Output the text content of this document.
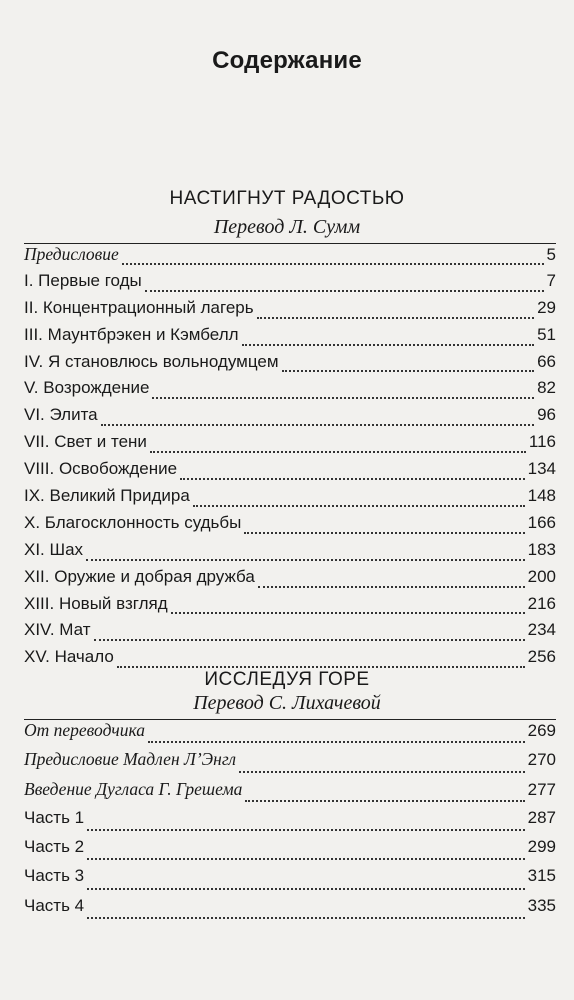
Содержание
НАСТИГНУТ РАДОСТЬЮ
Перевод Л. Сумм
Предисловие	5
I. Первые годы	7
II. Концентрационный лагерь	29
III. Маунтбрэкен и Кэмбелл	51
IV. Я становлюсь вольнодумцем	66
V. Возрождение	82
VI. Элита	96
VII. Свет и тени	116
VIII. Освобождение	134
IX. Великий Придира	148
X. Благосклонность судьбы	166
XI. Шах	183
XII. Оружие и добрая дружба	200
XIII. Новый взгляд	216
XIV. Мат	234
XV. Начало	256
ИССЛЕДУЯ ГОРЕ
Перевод С. Лихачевой
От переводчика	269
Предисловие Мадлен Л’Энгл	270
Введение Дугласа Г. Грешема	277
Часть 1	287
Часть 2	299
Часть 3	315
Часть 4	335
